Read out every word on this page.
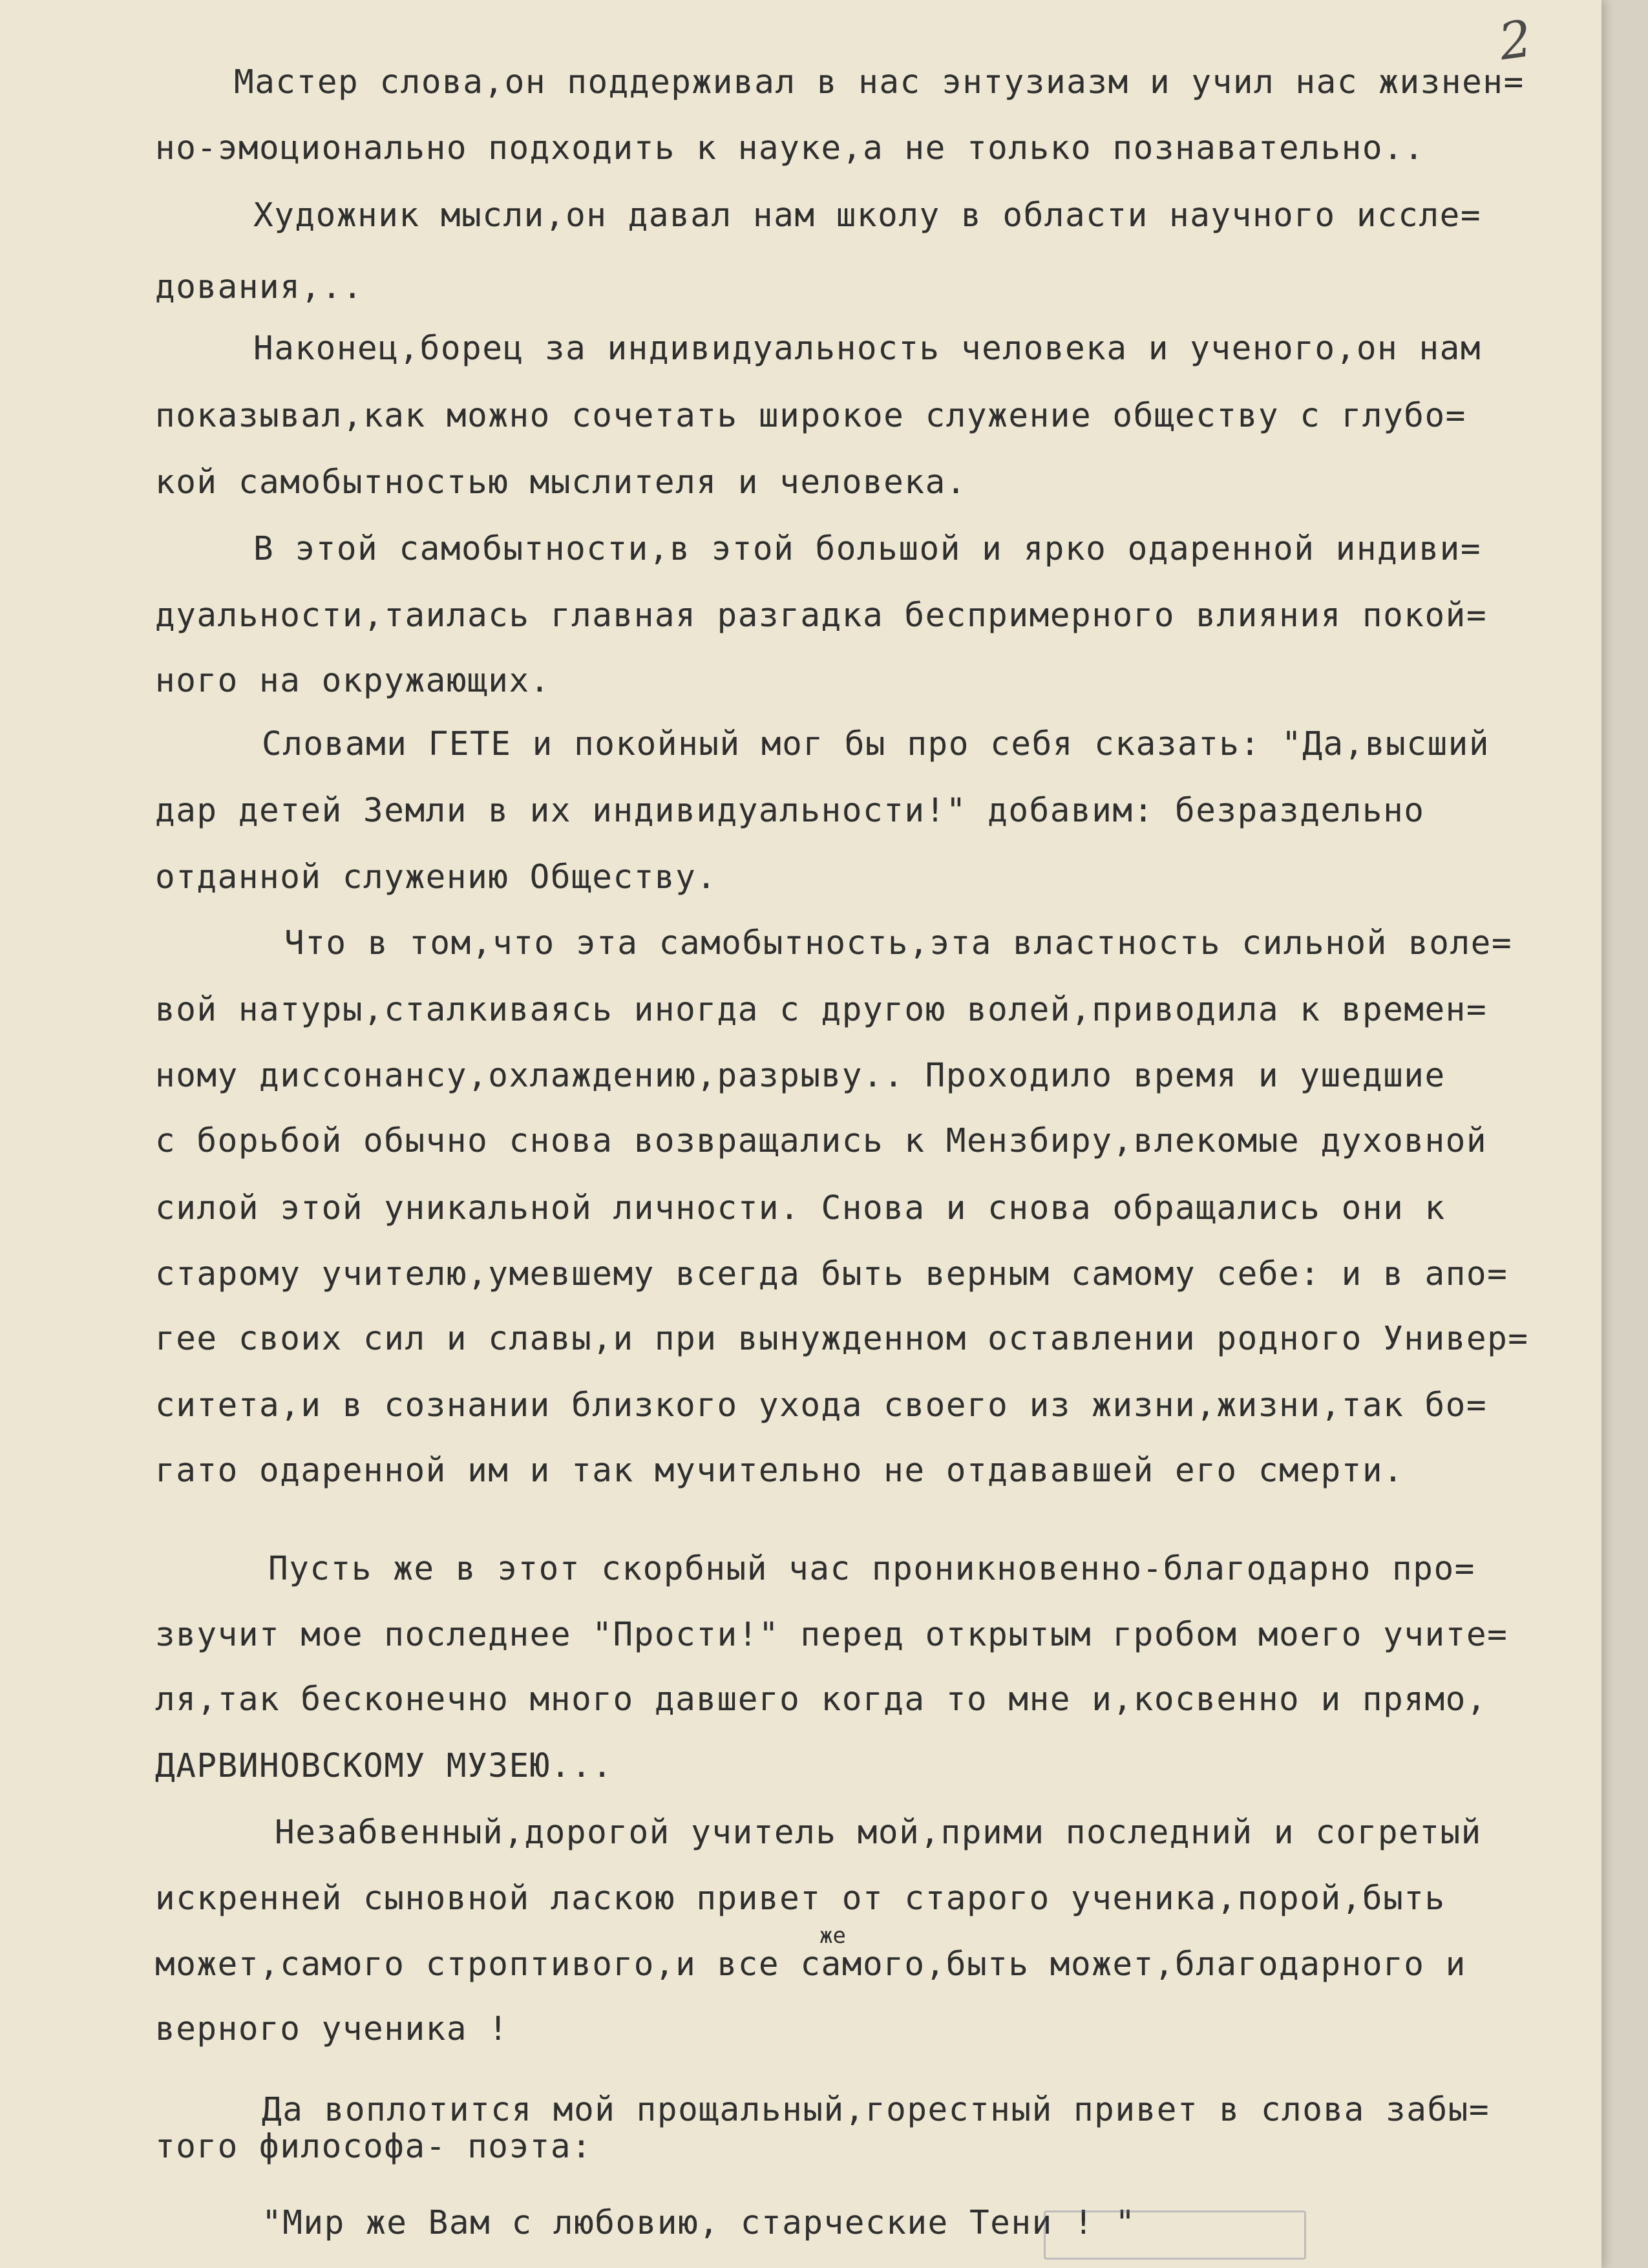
2
Мастер слова,он поддерживал в нас энтузиазм и учил нас жизнен=
но-эмоционально подходить к науке,а не только познавательно..
Художник мысли,он давал нам школу в области научного иссле=
дования,..
Наконец,борец за индивидуальность человека и ученого,он нам
показывал,как можно сочетать широкое служение обществу с глубо=
кой самобытностью мыслителя и человека.
В этой самобытности,в этой большой и ярко одаренной индиви=
дуальности,таилась главная разгадка беспримерного влияния покой=
ного на окружающих.
Словами ГЕТЕ и покойный мог бы про себя сказать: "Да,высший
дар детей Земли в их индивидуальности!" добавим: безраздельно
отданной служению Обществу.
Что в том,что эта самобытность,эта властность сильной воле=
вой натуры,сталкиваясь иногда с другою волей,приводила к времен=
ному диссонансу,охлаждению,разрыву.. Проходило время и ушедшие
с борьбой обычно снова возвращались к Мензбиру,влекомые духовной
силой этой уникальной личности. Снова и снова обращались они к
старому учителю,умевшему всегда быть верным самому себе: и в апо=
гее своих сил и славы,и при вынужденном оставлении родного Универ=
ситета,и в сознании близкого ухода своего из жизни,жизни,так бо=
гато одаренной им и так мучительно не отдававшей его смерти.
Пусть же в этот скорбный час проникновенно-благодарно про=
звучит мое последнее "Прости!" перед открытым гробом моего учите=
ля,так бесконечно много давшего когда то мне и,косвенно и прямо,
ДАРВИНОВСКОМУ МУЗЕЮ...
Незабвенный,дорогой учитель мой,прими последний и согретый
искренней сыновной ласкою привет от старого ученика,порой,быть
может,самого строптивого,и все самого,быть может,благодарного и
верного ученика !
Да воплотится мой прощальный,горестный привет в слова забы=
того философа- поэта:
"Мир же Вам с любовию, старческие Тени ! "
же
